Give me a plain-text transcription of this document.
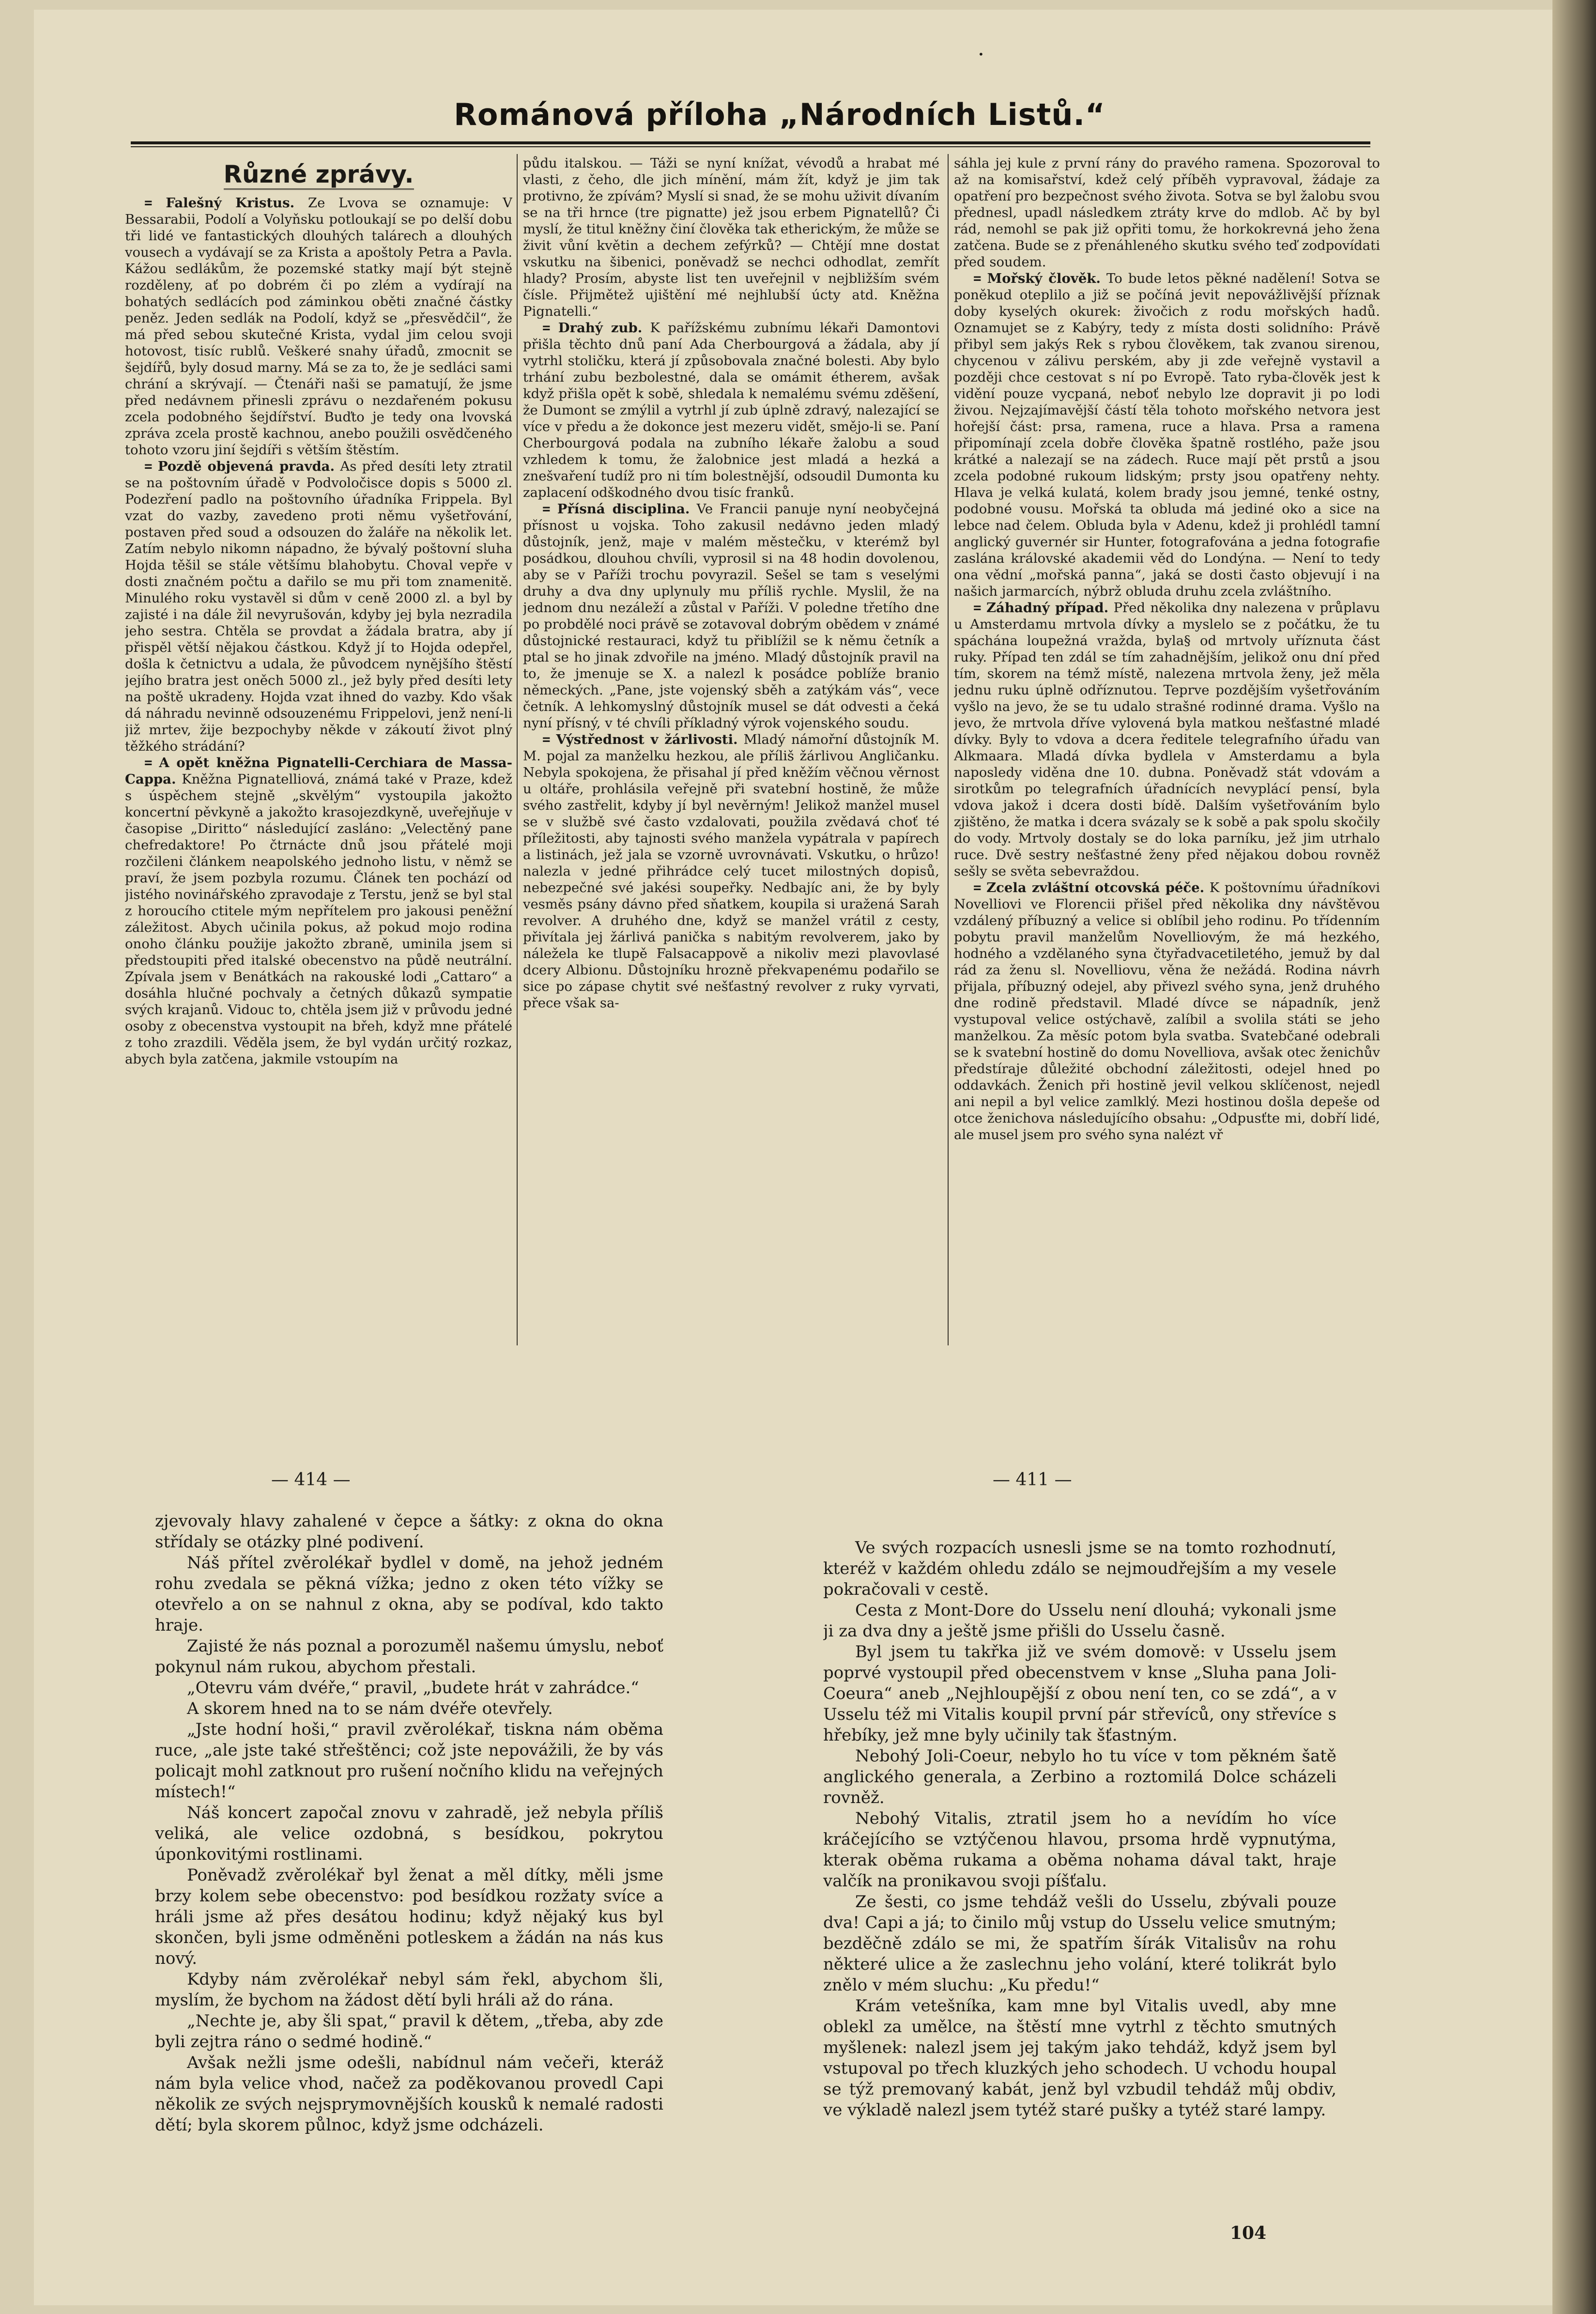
•
Románová příloha „Národních Listů.“
Různé zprávy.

= Falešný Kristus. Ze Lvova se oznamuje: V Bessarabii, Podolí a Volyňsku potloukají se po delší dobu tři lidé ve fantastických dlouhých talárech a dlouhých vousech a vydávají se za Krista a apoštoly Petra a Pavla. Kážou sedlákům, že pozemské statky mají být stejně rozděleny, ať po dobrém či po zlém a vydírají na bohatých sedlácích pod záminkou oběti značné částky peněz. Jeden sedlák na Podolí, když se „přesvědčil“, že má před sebou skutečné Krista, vydal jim celou svoji hotovost, tisíc rublů. Veškeré snahy úřadů, zmocnit se šejdířů, byly dosud marny. Má se za to, že je sedláci sami chrání a skrývají. — Čtenáři naši se pamatují, že jsme před nedávnem přinesli zprávu o nezdařeném pokusu zcela podobného šejdířství. Buďto je tedy ona lvovská zpráva zcela prostě kachnou, anebo použili osvědčeného tohoto vzoru jiní šejdíři s větším štěstím.

= Pozdě objevená pravda. As před desíti lety ztratil se na poštovním úřadě v Podvoločisce dopis s 5000 zl. Podezření padlo na poštovního úřadníka Frippela. Byl vzat do vazby, zavedeno proti němu vyšetřování, postaven před soud a odsouzen do žaláře na několik let. Zatím nebylo nikomn nápadno, že bývalý poštovní sluha Hojda těšil se stále většímu blahobytu. Choval vepře v dosti značném počtu a dařilo se mu při tom znamenitě. Minulého roku vystavěl si dům v ceně 2000 zl. a byl by zajisté i na dále žil nevyrušován, kdyby jej byla nezradila jeho sestra. Chtěla se provdat a žádala bratra, aby jí přispěl větší nějakou částkou. Když jí to Hojda odepřel, došla k četnictvu a udala, že původcem nynějšího štěstí jejího bratra jest oněch 5000 zl., jež byly před desíti lety na poště ukradeny. Hojda vzat ihned do vazby. Kdo však dá náhradu nevinně odsouzenému Frippelovi, jenž není-li již mrtev, žije bezpochyby někde v zákoutí život plný těžkého strádání?

= A opět kněžna Pignatelli-Cerchiara de Massa-Cappa. Kněžna Pignatelliová, známá také v Praze, kdež s úspěchem stejně „skvělým“ vystoupila jakožto koncertní pěvkyně a jakožto krasojezdkyně, uveřejňuje v časopise „Diritto“ následující zasláno: „Velectěný pane chefredaktore! Po čtrnácte dnů jsou přátelé moji rozčileni článkem neapolského jednoho listu, v němž se praví, že jsem pozbyla rozumu. Článek ten pochází od jistého novinářského zpravodaje z Terstu, jenž se byl stal z horoucího ctitele mým nepřítelem pro jakousi peněžní záležitost. Abych učinila pokus, až pokud mojo rodina onoho článku použije jakožto zbraně, uminila jsem si předstoupiti před italské obecenstvo na půdě neutrální. Zpívala jsem v Benátkách na rakouské lodi „Cattaro“ a dosáhla hlučné pochvaly a četných důkazů sympatie svých krajanů. Vidouc to, chtěla jsem již v průvodu jedné osoby z obecenstva vystoupit na břeh, když mne přátelé z toho zrazdili. Věděla jsem, že byl vydán určitý rozkaz, abych byla zatčena, jakmile vstoupím na

půdu italskou. — Táži se nyní knížat, vévodů a hrabat mé vlasti, z čeho, dle jich mínění, mám žít, když je jim tak protivno, že zpívám? Myslí si snad, že se mohu uživit dívaním se na tři hrnce (tre pignatte) jež jsou erbem Pignatellů? Či myslí, že titul kněžny činí člověka tak etherickým, že může se živit vůní květin a dechem zefýrků? — Chtějí mne dostat vskutku na šibenici, poněvadž se nechci odhodlat, zemřít hlady? Prosím, abyste list ten uveřejnil v nejbližším svém čísle. Přijmětež ujištění mé nejhlubší úcty atd. Kněžna Pignatelli.“

= Drahý zub. K pařížskému zubnímu lékaři Damontovi přišla těchto dnů paní Ada Cherbourgová a žádala, aby jí vytrhl stoličku, která jí způsobovala značné bolesti. Aby bylo trhání zubu bezbolestné, dala se omámit étherem, avšak když přišla opět k sobě, shledala k nemalému svému zděšení, že Dumont se zmýlil a vytrhl jí zub úplně zdravý, nalezající se více v předu a že dokonce jest mezeru vidět, smějo-li se. Paní Cherbourgová podala na zubního lékaře žalobu a soud vzhledem k tomu, že žalobnice jest mladá a hezká a znešvaření tudíž pro ni tím bolestnější, odsoudil Dumonta ku zaplacení odškodného dvou tisíc franků.

= Přísná disciplina. Ve Francii panuje nyní neobyčejná přísnost u vojska. Toho zakusil nedávno jeden mladý důstojník, jenž, maje v malém městečku, v kterémž byl posádkou, dlouhou chvíli, vyprosil si na 48 hodin dovolenou, aby se v Paříži trochu povyrazil. Sešel se tam s veselými druhy a dva dny uplynuly mu příliš rychle. Myslil, že na jednom dnu nezáleží a zůstal v Paříži. V poledne třetího dne po probdělé noci právě se zotavoval dobrým obědem v známé důstojnické restauraci, když tu přiblížil se k němu četník a ptal se ho jinak zdvořile na jméno. Mladý důstojník pravil na to, že jmenuje se X. a nalezl k posádce poblíže branio německých. „Pane, jste vojenský sběh a zatýkám vás“, vece četník. A lehkomyslný důstojník musel se dát odvesti a čeká nyní přísný, v té chvíli příkladný výrok vojenského soudu.

= Výstřednost v žárlivosti. Mladý námořní důstojník M. M. pojal za manželku hezkou, ale příliš žárlivou Angličanku. Nebyla spokojena, že přisahal jí před kněžím věčnou věrnost u oltáře, prohlásila veřejně při svatební hostině, že může svého zastřelit, kdyby jí byl nevěrným! Jelikož manžel musel se v službě své často vzdalovati, použila zvědavá choť té příležitosti, aby tajnosti svého manžela vypátrala v papírech a listinách, jež jala se vzorně uvrovnávati. Vskutku, o hrůzo! nalezla v jedné přihrádce celý tucet milostných dopisů, nebezpečné své jakési soupeřky. Nedbajíc ani, že by byly vesměs psány dávno před sňatkem, koupila si uražená Sarah revolver. A druhého dne, když se manžel vrátil z cesty, přivítala jej žárlivá panička s nabitým revolverem, jako by náležela ke tlupě Falsacappově a nikoliv mezi plavovlasé dcery Albionu. Důstojníku hrozně překvapenému podařilo se sice po zápase chytit své nešťastný revolver z ruky vyrvati, přece však sa-

sáhla jej kule z první rány do pravého ramena. Spozoroval to až na komisařství, kdež celý příběh vypravoval, žádaje za opatření pro bezpečnost svého života. Sotva se byl žalobu svou přednesl, upadl následkem ztráty krve do mdlob. Ač by byl rád, nemohl se pak již opřiti tomu, že horkokrevná jeho žena zatčena. Bude se z přenáhleného skutku svého teď zodpovídati před soudem.

= Mořský člověk. To bude letos pěkné nadělení! Sotva se poněkud oteplilo a již se počíná jevit nepovážlivější příznak doby kyselých okurek: živočich z rodu mořských hadů. Oznamujet se z Kabýry, tedy z místa dosti solidního: Právě přibyl sem jakýs Rek s rybou člověkem, tak zvanou sirenou, chycenou v zálivu perském, aby ji zde veřejně vystavil a později chce cestovat s ní po Evropě. Tato ryba-člověk jest k vidění pouze vycpaná, neboť nebylo lze dopravit ji po lodi živou. Nejzajímavější částí těla tohoto mořského netvora jest hořejší část: prsa, ramena, ruce a hlava. Prsa a ramena připomínají zcela dobře člověka špatně rostlého, paže jsou krátké a nalezají se na zádech. Ruce mají pět prstů a jsou zcela podobné rukoum lidským; prsty jsou opatřeny nehty. Hlava je velká kulatá, kolem brady jsou jemné, tenké ostny, podobné vousu. Mořská ta obluda má jediné oko a sice na lebce nad čelem. Obluda byla v Adenu, kdež ji prohlédl tamní anglický guvernér sir Hunter, fotografována a jedna fotografie zaslána královské akademii věd do Londýna. — Není to tedy ona vědní „mořská panna“, jaká se dosti často objevují i na našich jarmarcích, nýbrž obluda druhu zcela zvláštního.

= Záhadný případ. Před několika dny nalezena v průplavu u Amsterdamu mrtvola dívky a myslelo se z počátku, že tu spáchána loupežná vražda, byla§ od mrtvoly uříznuta část ruky. Případ ten zdál se tím zahadnějším, jelikož onu dní před tím, skorem na témž místě, nalezena mrtvola ženy, jež měla jednu ruku úplně odříznutou. Teprve pozdějším vyšetřováním vyšlo na jevo, že se tu udalo strašné rodinné drama. Vyšlo na jevo, že mrtvola dříve vylovená byla matkou nešťastné mladé dívky. Byly to vdova a dcera ředitele telegrafního úřadu van Alkmaara. Mladá dívka bydlela v Amsterdamu a byla naposledy viděna dne 10. dubna. Poněvadž stát vdovám a sirotkům po telegrafních úřadnících nevyplácí pensí, byla vdova jakož i dcera dosti bídě. Dalším vyšetřováním bylo zjištěno, že matka i dcera svázaly se k sobě a pak spolu skočily do vody. Mrtvoly dostaly se do loka parníku, jež jim utrhalo ruce. Dvě sestry nešťastné ženy před nějakou dobou rovněž sešly se světa sebevraždou.

= Zcela zvláštní otcovská péče. K poštovnímu úřadníkovi Novelliovi ve Florencii přišel před několika dny návštěvou vzdálený příbuzný a velice si oblíbil jeho rodinu. Po třídenním pobytu pravil manželům Novelliovým, že má hezkého, hodného a vzdělaného syna čtyřadvacetiletého, jemuž by dal rád za ženu sl. Novelliovu, věna že nežádá. Rodina návrh přijala, příbuzný odejel, aby přivezl svého syna, jenž druhého dne rodině představil. Mladé dívce se nápadník, jenž vystupoval velice ostýchavě, zalíbil a svolila státi se jeho manželkou. Za měsíc potom byla svatba. Svatebčané odebrali se k svatební hostině do domu Novelliova, avšak otec ženichův předstíraje důležité obchodní záležitosti, odejel hned po oddavkách. Ženich při hostině jevil velkou sklíčenost, nejedl ani nepil a byl velice zamlklý. Mezi hostinou došla depeše od otce ženichova následujícího obsahu: „Odpusťte mi, dobří lidé, ale musel jsem pro svého syna nalézt vř

— 414 —	— 411 —

zjevovaly hlavy zahalené v čepce a šátky: z okna do okna střídaly se otázky plné podivení.

Náš přítel zvěrolékař bydlel v domě, na jehož jedném rohu zvedala se pěkná vížka; jedno z oken této vížky se otevřelo a on se nahnul z okna, aby se podíval, kdo takto hraje.

Zajisté že nás poznal a porozuměl našemu úmyslu, neboť pokynul nám rukou, abychom přestali.

„Otevru vám dvéře,“ pravil, „budete hrát v zahrádce.“

A skorem hned na to se nám dvéře otevřely.

„Jste hodní hoši,“ pravil zvěrolékař, tiskna nám oběma ruce, „ale jste také střeštěnci; což jste nepovážili, že by vás policajt mohl zatknout pro rušení nočního klidu na veřejných místech!“

Náš koncert započal znovu v zahradě, jež nebyla příliš veliká, ale velice ozdobná, s besídkou, pokrytou úponkovitými rostlinami.

Poněvadž zvěrolékař byl ženat a měl dítky, měli jsme brzy kolem sebe obecenstvo: pod besídkou rozžaty svíce a hráli jsme až přes desátou hodinu; když nějaký kus byl skončen, byli jsme odměněni potleskem a žádán na nás kus nový.

Kdyby nám zvěrolékař nebyl sám řekl, abychom šli, myslím, že bychom na žádost dětí byli hráli až do rána.

„Nechte je, aby šli spat,“ pravil k dětem, „třeba, aby zde byli zejtra ráno o sedmé hodině.“

Avšak nežli jsme odešli, nabídnul nám večeři, kteráž nám byla velice vhod, načež za poděkovanou provedl Capi několik ze svých nejsprymovnějších kousků k nemalé radosti dětí; byla skorem půlnoc, když jsme odcházeli.

Ve svých rozpacích usnesli jsme se na tomto rozhodnutí, kteréž v každém ohledu zdálo se nejmoudřejším a my vesele pokračovali v cestě.

Cesta z Mont-Dore do Usselu není dlouhá; vykonali jsme ji za dva dny a ještě jsme přišli do Usselu časně.

Byl jsem tu takřka již ve svém domově: v Usselu jsem poprvé vystoupil před obecenstvem v knse „Sluha pana Joli-Coeura“ aneb „Nejhloupější z obou není ten, co se zdá“, a v Usselu též mi Vitalis koupil první pár střevíců, ony střevíce s hřebíky, jež mne byly učinily tak šťastným.

Nebohý Joli-Coeur, nebylo ho tu více v tom pěkném šatě anglického generala, a Zerbino a roztomilá Dolce scházeli rovněž.

Nebohý Vitalis, ztratil jsem ho a nevídím ho více kráčejícího se vztýčenou hlavou, prsoma hrdě vypnutýma, kterak oběma rukama a oběma nohama dával takt, hraje valčík na pronikavou svoji píšťalu.

Ze šesti, co jsme tehdáž vešli do Usselu, zbývali pouze dva! Capi a já; to činilo můj vstup do Usselu velice smutným; bezděčně zdálo se mi, že spatřím šírák Vitalisův na rohu některé ulice a že zaslechnu jeho volání, které tolikrát bylo znělo v mém sluchu: „Ku předu!“

Krám vetešníka, kam mne byl Vitalis uvedl, aby mne oblekl za umělce, na štěstí mne vytrhl z těchto smutných myšlenek: nalezl jsem jej takým jako tehdáž, když jsem byl vstupoval po třech kluzkých jeho schodech. U vchodu houpal se týž premovaný kabát, jenž byl vzbudil tehdáž můj obdiv, ve výkladě nalezl jsem tytéž staré pušky a tytéž staré lampy.

104
